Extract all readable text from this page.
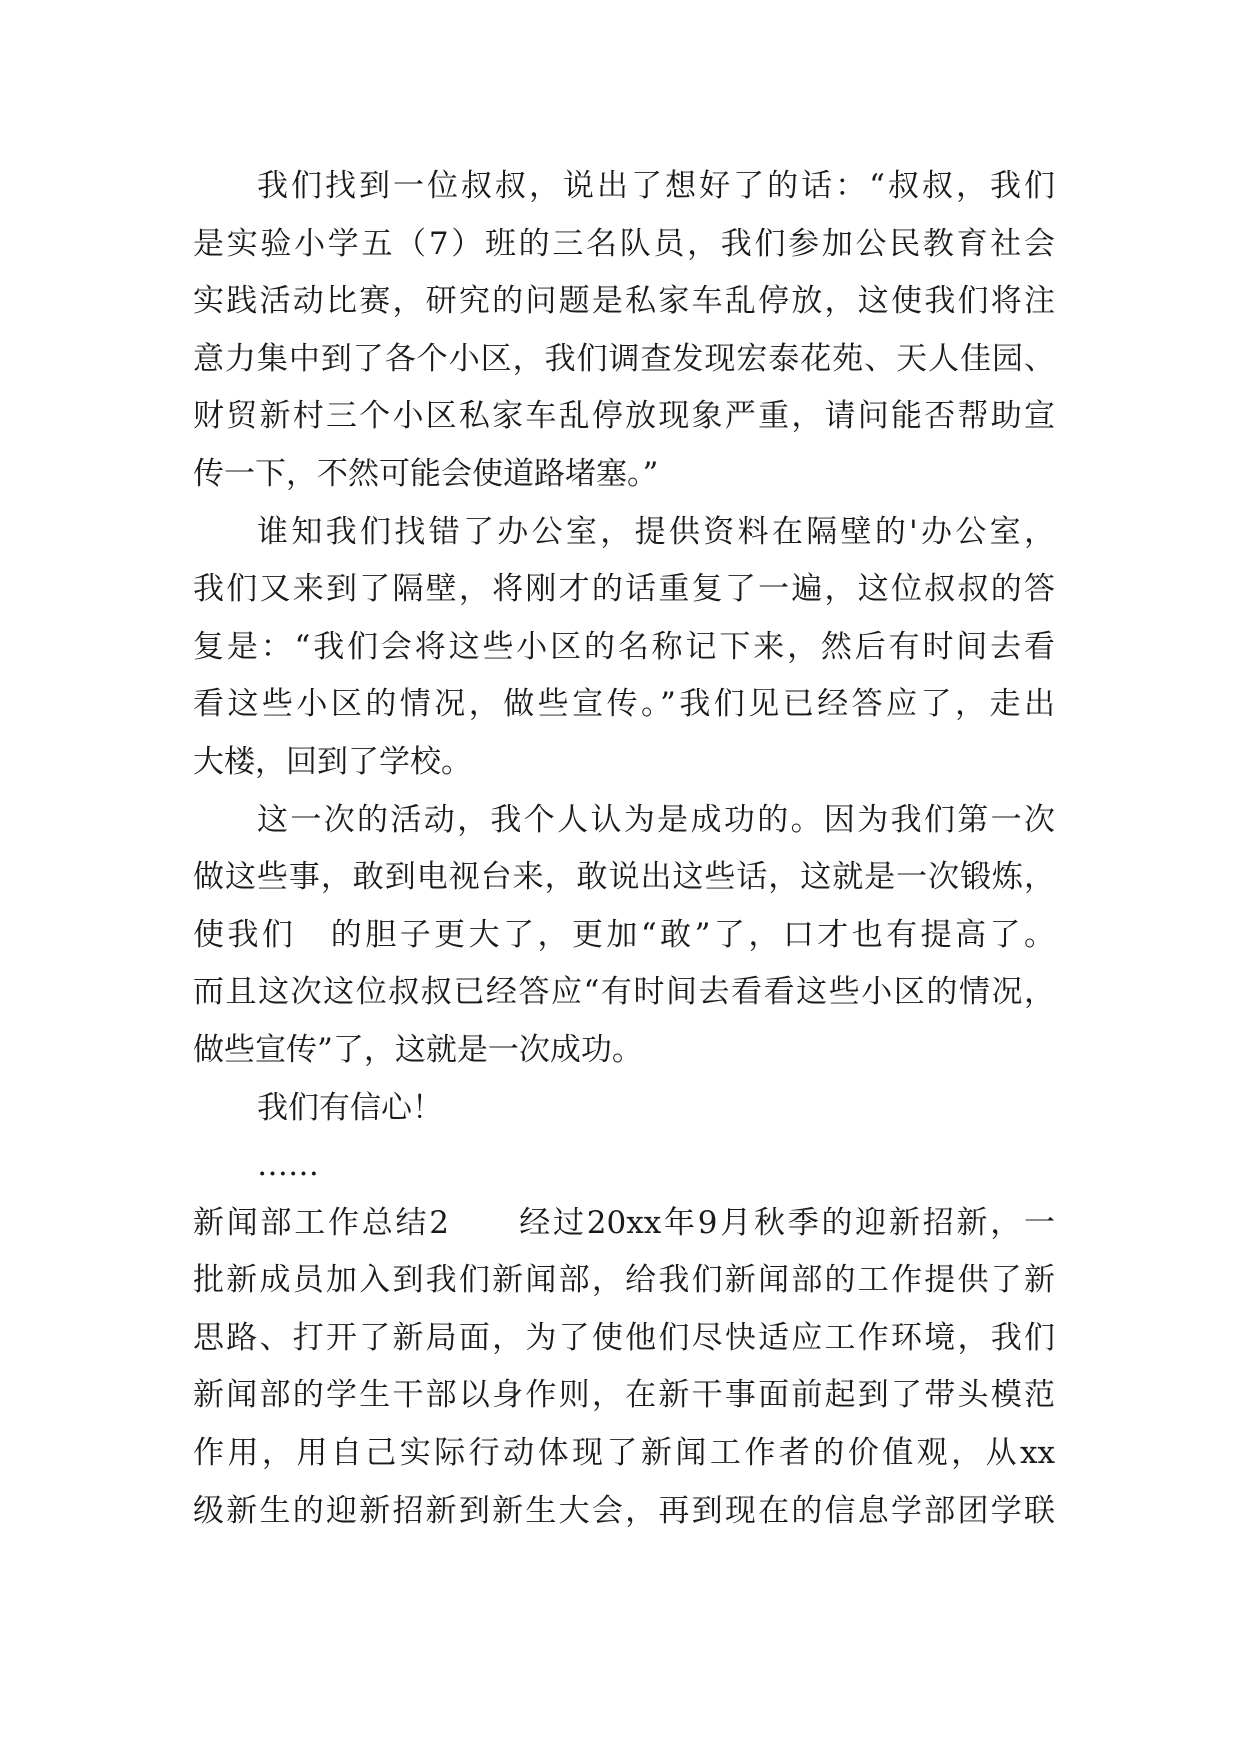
我们找到一位叔叔，说出了想好了的话：“叔叔，我们
是实验小学五（7）班的三名队员，我们参加公民教育社会
实践活动比赛，研究的问题是私家车乱停放，这使我们将注
意力集中到了各个小区，我们调查发现宏泰花苑、天人佳园、
财贸新村三个小区私家车乱停放现象严重，请问能否帮助宣
传一下，不然可能会使道路堵塞。”
谁知我们找错了办公室，提供资料在隔壁的'办公室，
我们又来到了隔壁，将刚才的话重复了一遍，这位叔叔的答
复是：“我们会将这些小区的名称记下来，然后有时间去看
看这些小区的情况，做些宣传。”我们见已经答应了，走出
大楼，回到了学校。
这一次的活动，我个人认为是成功的。因为我们第一次
做这些事，敢到电视台来，敢说出这些话，这就是一次锻炼，
使我们　的胆子更大了，更加“敢”了，口才也有提高了。
而且这次这位叔叔已经答应“有时间去看看这些小区的情况，
做些宣传”了，这就是一次成功。
我们有信心！
……
新闻部工作总结2　　经过20xx年9月秋季的迎新招新，一
批新成员加入到我们新闻部，给我们新闻部的工作提供了新
思路、打开了新局面，为了使他们尽快适应工作环境，我们
新闻部的学生干部以身作则，在新干事面前起到了带头模范
作用，用自己实际行动体现了新闻工作者的价值观，从xx
级新生的迎新招新到新生大会，再到现在的信息学部团学联
